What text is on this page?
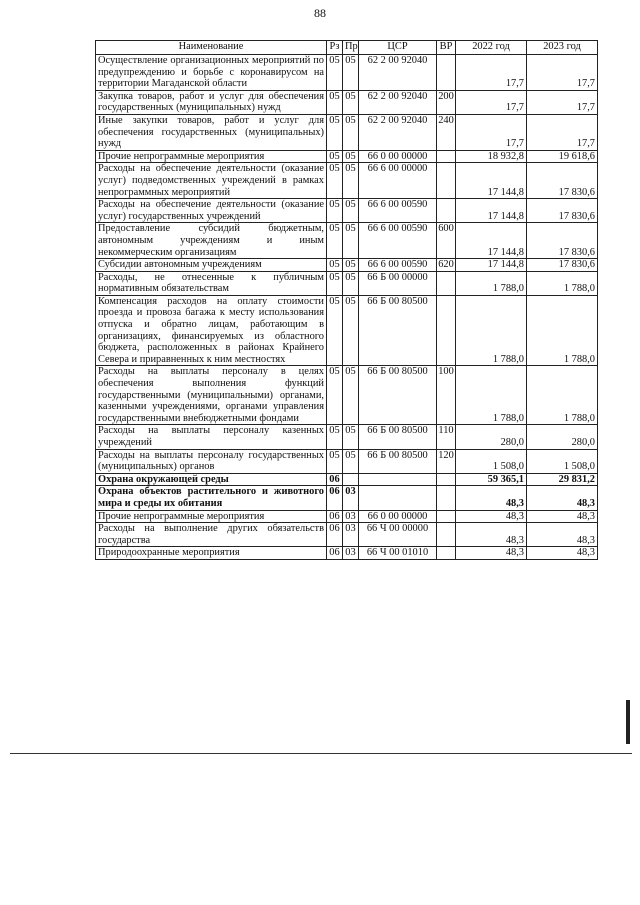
88
Наименование	Рз	Пр	ЦСР	ВР	2022 год	2023 год
Осуществление организационных мероприятий по предупреждению и борьбе с коронавирусом на территории Магаданской области	05	05	62 2 00 92040		17,7	17,7
Закупка товаров, работ и услуг для обеспечения государственных (муниципальных) нужд	05	05	62 2 00 92040	200	17,7	17,7
Иные закупки товаров, работ и услуг для обеспечения государственных (муниципальных) нужд	05	05	62 2 00 92040	240	17,7	17,7
Прочие непрограммные мероприятия	05	05	66 0 00 00000		18 932,8	19 618,6
Расходы на обеспечение деятельности (оказание услуг) подведомственных учреждений в рамках непрограммных мероприятий	05	05	66 6 00 00000		17 144,8	17 830,6
Расходы на обеспечение деятельности (оказание услуг) государственных учреждений	05	05	66 6 00 00590		17 144,8	17 830,6
Предоставление субсидий бюджетным, автономным учреждениям и иным некоммерческим организациям	05	05	66 6 00 00590	600	17 144,8	17 830,6
Субсидии автономным учреждениям	05	05	66 6 00 00590	620	17 144,8	17 830,6
Расходы, не отнесенные к публичным нормативным обязательствам	05	05	66 Б 00 00000		1 788,0	1 788,0
Компенсация расходов на оплату стоимости проезда и провоза багажа к месту использования отпуска и обратно лицам, работающим в организациях, финансируемых из областного бюджета, расположенных в районах Крайнего Севера и приравненных к ним местностях	05	05	66 Б 00 80500		1 788,0	1 788,0
Расходы на выплаты персоналу в целях обеспечения выполнения функций государственными (муниципальными) органами, казенными учреждениями, органами управления государственными внебюджетными фондами	05	05	66 Б 00 80500	100	1 788,0	1 788,0
Расходы на выплаты персоналу казенных учреждений	05	05	66 Б 00 80500	110	280,0	280,0
Расходы на выплаты персоналу государственных (муниципальных) органов	05	05	66 Б 00 80500	120	1 508,0	1 508,0
Охрана окружающей среды	06				59 365,1	29 831,2
Охрана объектов растительного и животного мира и среды их обитания	06	03			48,3	48,3
Прочие непрограммные мероприятия	06	03	66 0 00 00000		48,3	48,3
Расходы на выполнение других обязательств государства	06	03	66 Ч 00 00000		48,3	48,3
Природоохранные мероприятия	06	03	66 Ч 00 01010		48,3	48,3
